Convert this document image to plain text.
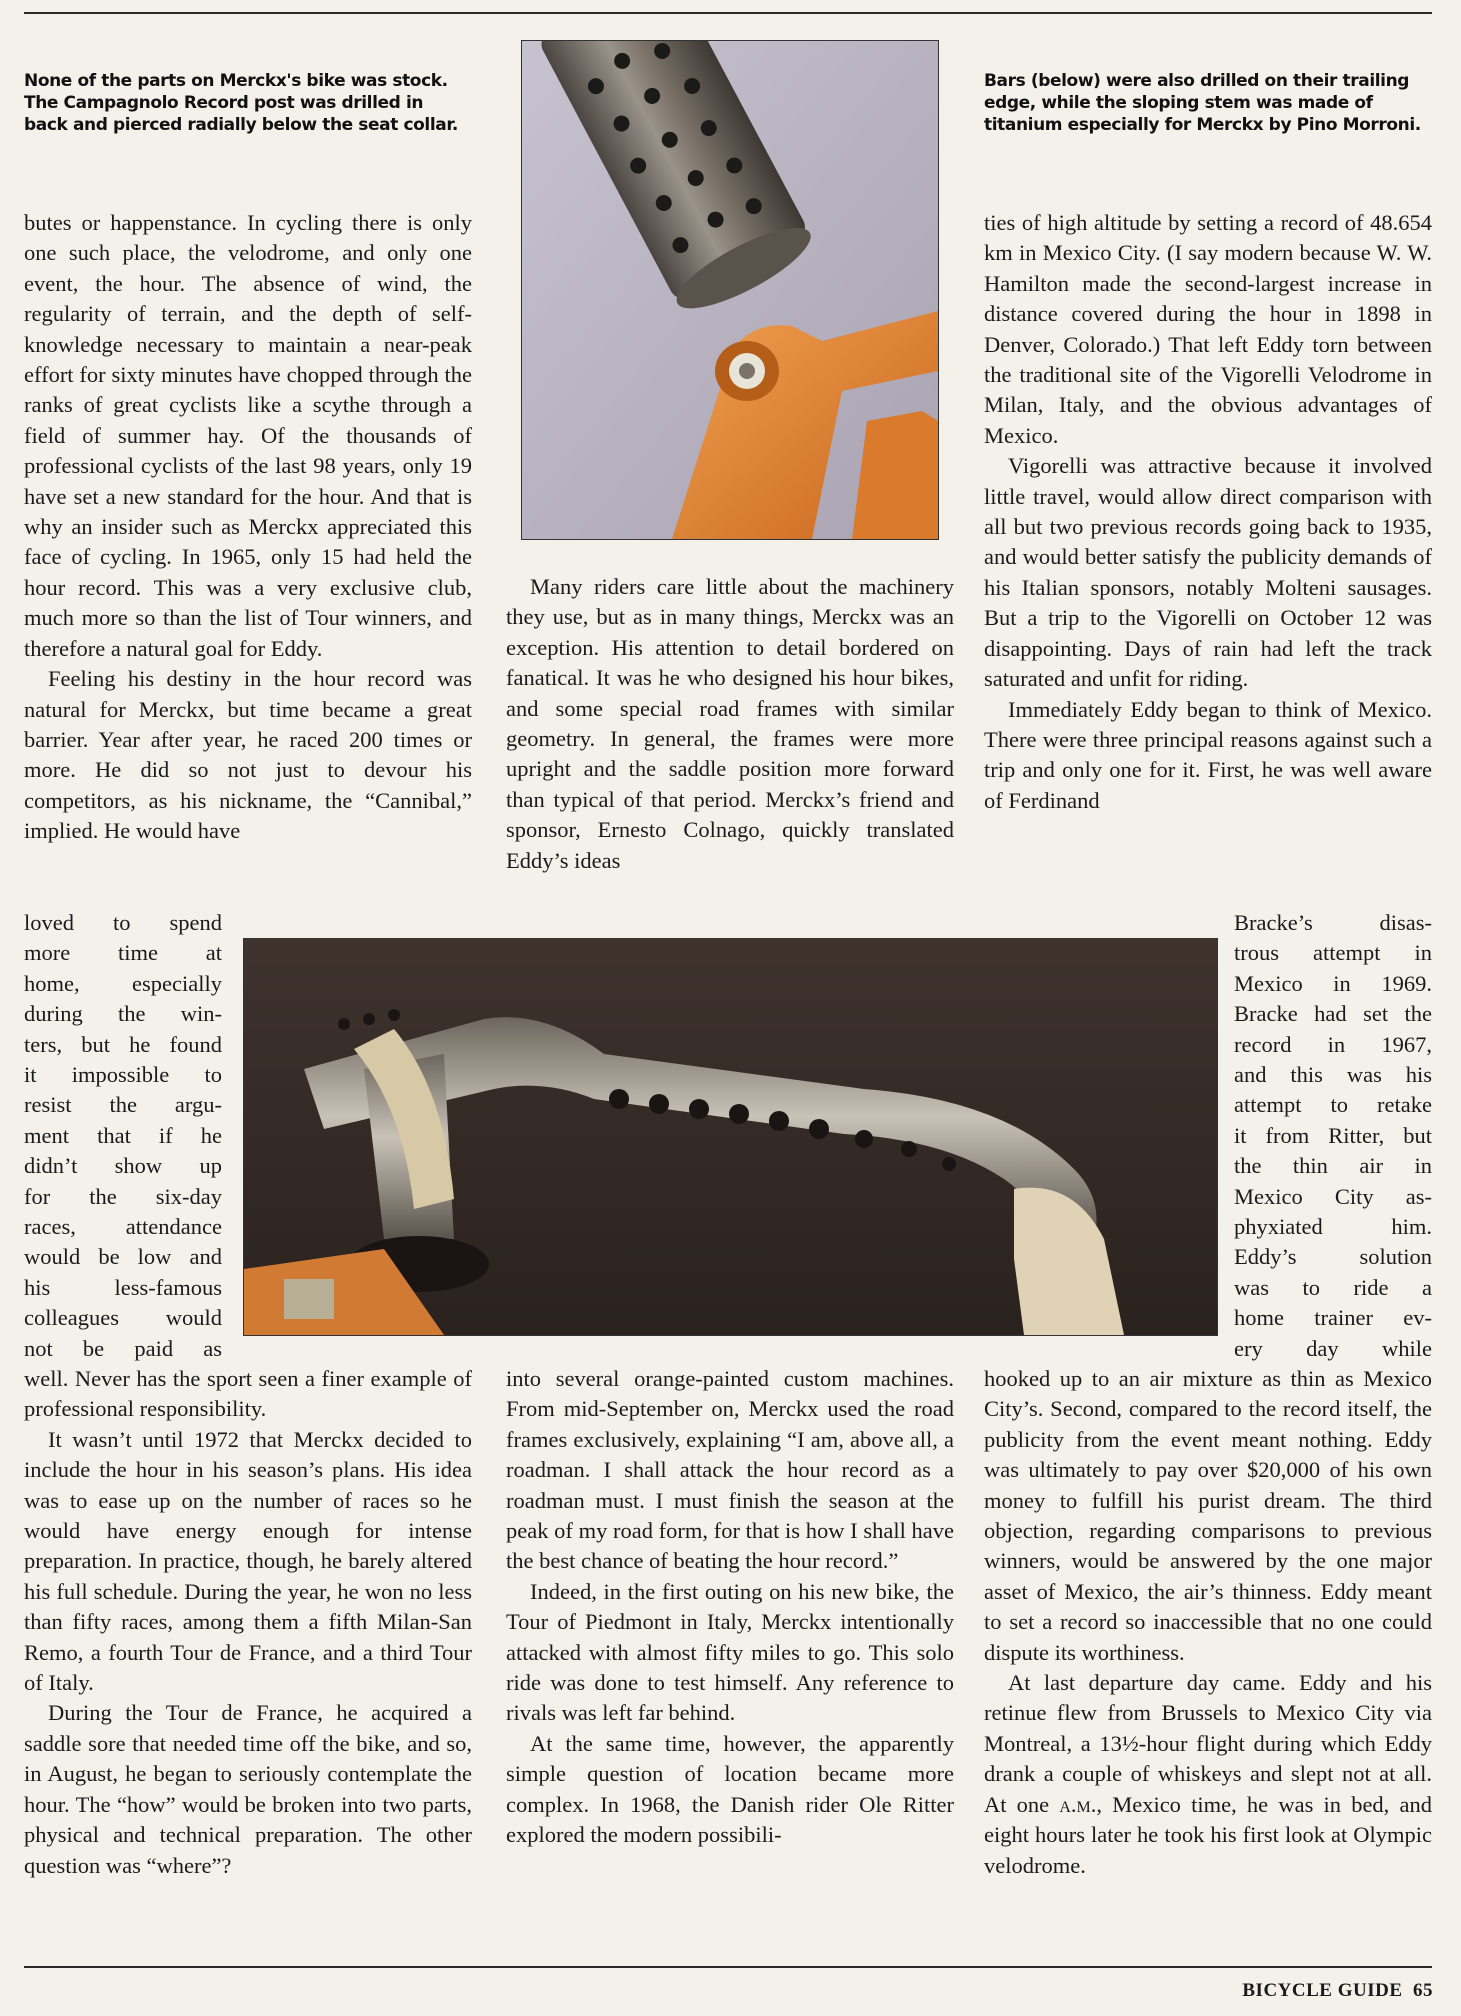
None of the parts on Merckx's bike was stock. The Campagnolo Record post was drilled in back and pierced radially below the seat collar.
Bars (below) were also drilled on their trailing edge, while the sloping stem was made of titanium especially for Merckx by Pino Morroni.

butes or happenstance. In cycling there is only one such place, the velodrome, and only one event, the hour. The absence of wind, the regularity of terrain, and the depth of self-knowledge necessary to maintain a near-peak effort for sixty minutes have chopped through the ranks of great cyclists like a scythe through a field of summer hay. Of the thousands of professional cyclists of the last 98 years, only 19 have set a new standard for the hour. And that is why an insider such as Merckx appreciated this face of cycling. In 1965, only 15 had held the hour record. This was a very exclusive club, much more so than the list of Tour winners, and therefore a natural goal for Eddy.

Feeling his destiny in the hour record was natural for Merckx, but time became a great barrier. Year after year, he raced 200 times or more. He did so not just to devour his competitors, as his nickname, the “Cannibal,” implied. He would have

loved to spend

more time at

home, especially

during the win-

ters, but he found

it impossible to

resist the argu-

ment that if he

didn’t show up

for the six-day

races, attendance

would be low and

his less-famous

colleagues would

not be paid as

well. Never has the sport seen a finer example of professional responsibility.

It wasn’t until 1972 that Merckx decided to include the hour in his season’s plans. His idea was to ease up on the number of races so he would have energy enough for intense preparation. In practice, though, he barely altered his full schedule. During the year, he won no less than fifty races, among them a fifth Milan-San Remo, a fourth Tour de France, and a third Tour of Italy.

During the Tour de France, he acquired a saddle sore that needed time off the bike, and so, in August, he began to seriously contemplate the hour. The “how” would be broken into two parts, physical and technical preparation. The other question was “where”?

Many riders care little about the machinery they use, but as in many things, Merckx was an exception. His attention to detail bordered on fanatical. It was he who designed his hour bikes, and some special road frames with similar geometry. In general, the frames were more upright and the saddle position more forward than typical of that period. Merckx’s friend and sponsor, Ernesto Colnago, quickly translated Eddy’s ideas

into several orange-painted custom machines. From mid-September on, Merckx used the road frames exclusively, explaining “I am, above all, a roadman. I shall attack the hour record as a roadman must. I must finish the season at the peak of my road form, for that is how I shall have the best chance of beating the hour record.”

Indeed, in the first outing on his new bike, the Tour of Piedmont in Italy, Merckx intentionally attacked with almost fifty miles to go. This solo ride was done to test himself. Any reference to rivals was left far behind.

At the same time, however, the apparently simple question of location became more complex. In 1968, the Danish rider Ole Ritter explored the modern possibili-

ties of high altitude by setting a record of 48.654 km in Mexico City. (I say modern because W. W. Hamilton made the second-largest increase in distance covered during the hour in 1898 in Denver, Colorado.) That left Eddy torn between the traditional site of the Vigorelli Velodrome in Milan, Italy, and the obvious advantages of Mexico.

Vigorelli was attractive because it involved little travel, would allow direct comparison with all but two previous records going back to 1935, and would better satisfy the publicity demands of his Italian sponsors, notably Molteni sausages. But a trip to the Vigorelli on October 12 was disappointing. Days of rain had left the track saturated and unfit for riding.

Immediately Eddy began to think of Mexico. There were three principal reasons against such a trip and only one for it. First, he was well aware of Ferdinand

Bracke’s disas-

trous attempt in

Mexico in 1969.

Bracke had set the

record in 1967,

and this was his

attempt to retake

it from Ritter, but

the thin air in

Mexico City as-

phyxiated him.

Eddy’s solution

was to ride a

home trainer ev-

ery day while

hooked up to an air mixture as thin as Mexico City’s. Second, compared to the record itself, the publicity from the event meant nothing. Eddy was ultimately to pay over $20,000 of his own money to fulfill his purist dream. The third objection, regarding comparisons to previous winners, would be answered by the one major asset of Mexico, the air’s thinness. Eddy meant to set a record so inaccessible that no one could dispute its worthiness.

At last departure day came. Eddy and his retinue flew from Brussels to Mexico City via Montreal, a 13½-hour flight during which Eddy drank a couple of whiskeys and slept not at all. At one a.m., Mexico time, he was in bed, and eight hours later he took his first look at Olympic velodrome.

BICYCLE GUIDE 65
